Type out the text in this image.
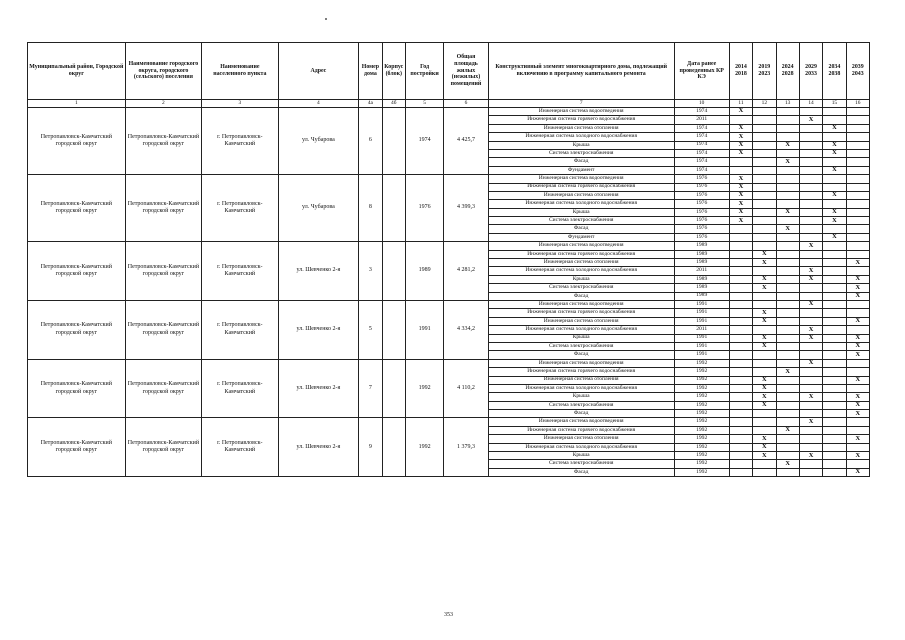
Муниципальный район, Городской округ	Наименование городского округа, городского (сельского) поселения	Наименование населенного пункта	Адрес	Номер дома	Корпус (блок)	Год постройки	Общая площадь жилых (нежилых) помещений	Конструктивный элемент многоквартирного дома, подлежащий включению в программу капитального ремонта	Дата ранее проведенных КР КЭ	2014 2018	2019 2023	2024 2028	2029 2033	2034 2038	2039 2043
1	2	3	4	4а	4б	5	6	7	10	11	12	13	14	15	16
Петропавловск-Камчатский городской округ	Петропавловск-Камчатский городской округ	г. Петропавловск-Камчатский	ул. Чубарова	6		1974	4 425,7	Инженерная система водоотведения	1974	X					
								Инженерная система горячего водоснабжения	2011				X		
								Инженерная система отопления	1974	X				X	
								Инженерная система холодного водоснабжения	1974	X					
								Крыша	1974	X		X		X	
								Система электроснабжения	1974	X				X	
								Фасад	1974			X			
								Фундамент	1974					X	
Петропавловск-Камчатский городской округ	Петропавловск-Камчатский городской округ	г. Петропавловск-Камчатский	ул. Чубарова	8		1976	4 399,3	Инженерная система водоотведения	1976	X					
								Инженерная система горячего водоснабжения	1976	X					
								Инженерная система отопления	1976	X				X	
								Инженерная система холодного водоснабжения	1976	X					
								Крыша	1976	X		X		X	
								Система электроснабжения	1976	X				X	
								Фасад	1976			X			
								Фундамент	1976					X	
Петропавловск-Камчатский городской округ	Петропавловск-Камчатский городской округ	г. Петропавловск-Камчатский	ул. Шевченко 2-я	3		1989	4 281,2	Инженерная система водоотведения	1989				X		
								Инженерная система горячего водоснабжения	1989		X				
								Инженерная система отопления	1989		X				X
								Инженерная система холодного водоснабжения	2011				X		
								Крыша	1989		X		X		X
								Система электроснабжения	1989		X				X
								Фасад	1989						X
Петропавловск-Камчатский городской округ	Петропавловск-Камчатский городской округ	г. Петропавловск-Камчатский	ул. Шевченко 2-я	5		1991	4 334,2	Инженерная система водоотведения	1991				X		
								Инженерная система горячего водоснабжения	1991		X				
								Инженерная система отопления	1991		X				X
								Инженерная система холодного водоснабжения	2011				X		
								Крыша	1991		X		X		X
								Система электроснабжения	1991		X				X
								Фасад	1991						X
Петропавловск-Камчатский городской округ	Петропавловск-Камчатский городской округ	г. Петропавловск-Камчатский	ул. Шевченко 2-я	7		1992	4 110,2	Инженерная система водоотведения	1992				X		
								Инженерная система горячего водоснабжения	1992			X			
								Инженерная система отопления	1992		X				X
								Инженерная система холодного водоснабжения	1992		X				
								Крыша	1992		X		X		X
								Система электроснабжения	1992		X				X
								Фасад	1992						X
Петропавловск-Камчатский городской округ	Петропавловск-Камчатский городской округ	г. Петропавловск-Камчатский	ул. Шевченко 2-я	9		1992	1 379,3	Инженерная система водоотведения	1992				X		
								Инженерная система горячего водоснабжения	1992			X			
								Инженерная система отопления	1992		X				X
								Инженерная система холодного водоснабжения	1992		X				
								Крыша	1992		X		X		X
								Система электроснабжения	1992			X			
								Фасад	1992						X
353
